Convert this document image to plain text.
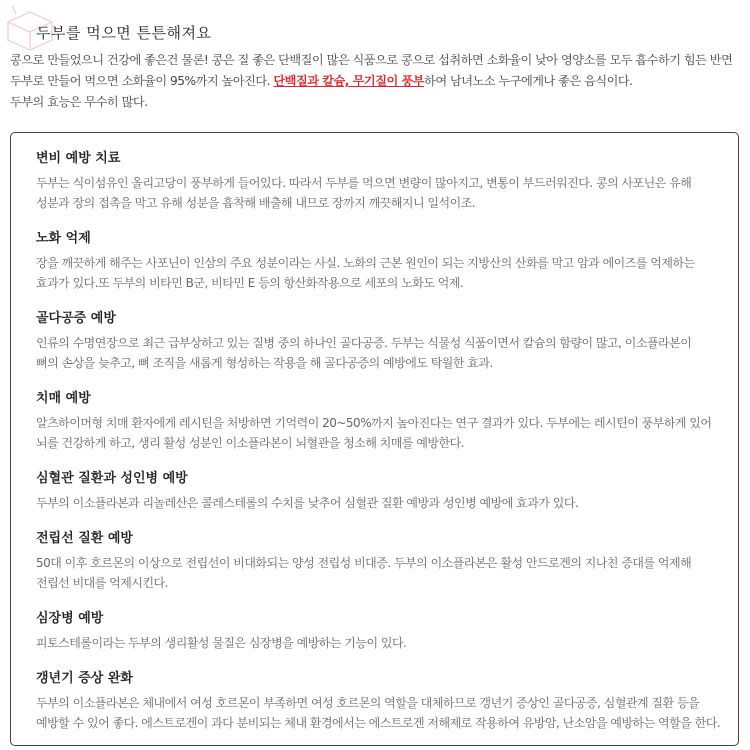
두부를 먹으면 튼튼해져요

콩으로 만들었으니 건강에 좋은건 물론! 콩은 질 좋은 단백질이 많은 식품으로 콩으로 섭취하면 소화율이 낮아 영양소를 모두 흡수하기 힘든 반면

두부로 만들어 먹으면 소화율이 95%까지 높아진다. 단백질과 칼슘, 무기질이 풍부하여 남녀노소 누구에게나 좋은 음식이다.

두부의 효능은 무수히 많다.

변비 예방 치료

두부는 식이섬유인 올리고당이 풍부하게 들어있다. 따라서 두부를 먹으면 변량이 많아지고, 변통이 부드러워진다. 콩의 사포닌은 유해

성분과 장의 접촉을 막고 유해 성분을 흡착해 배출해 내므로 장까지 깨끗해지니 일석이조.

노화 억제

장을 깨끗하게 해주는 사포닌이 인삼의 주요 성분이라는 사실. 노화의 근본 원인이 되는 지방산의 산화를 막고 암과 에이즈를 억제하는

효과가 있다.또 두부의 비타민 B군, 비타민 E 등의 항산화작용으로 세포의 노화도 억제.

골다공증 예방

인류의 수명연장으로 최근 급부상하고 있는 질병 중의 하나인 골다공증. 두부는 식물성 식품이면서 칼슘의 함량이 많고, 이소플라본이

뼈의 손상을 늦추고, 뼈 조직을 새롭게 형성하는 작용을 해 골다공증의 예방에도 탁월한 효과.

치매 예방

알츠하이머형 치매 환자에게 레시틴을 처방하면 기억력이 20~50%까지 높아진다는 연구 결과가 있다. 두부에는 레시틴이 풍부하게 있어

뇌를 건강하게 하고, 생리 활성 성분인 이소플라본이 뇌혈관을 청소해 치매를 예방한다.

심혈관 질환과 성인병 예방

두부의 이소플라본과 리놀레산은 콜레스테롤의 수치를 낮추어 심혈관 질환 예방과 성인병 예방에 효과가 있다.

전립선 질환 예방

50대 이후 호르몬의 이상으로 전립선이 비대화되는 양성 전립성 비대증. 두부의 이소플라본은 활성 안드로겐의 지나친 증대를 억제해

전립선 비대를 억제시킨다.

심장병 예방

피토스테롤이라는 두부의 생리활성 물질은 심장병을 예방하는 기능이 있다.

갱년기 증상 완화

두부의 이소플라본은 체내에서 여성 호르몬이 부족하면 여성 호르몬의 역할을 대체하므로 갱년기 증상인 골다공증, 심혈관계 질환 등을

예방할 수 있어 좋다. 에스트로겐이 과다 분비되는 체내 환경에서는 에스트로겐 저해제로 작용하여 유방암, 난소암을 예방하는 역할을 한다.
